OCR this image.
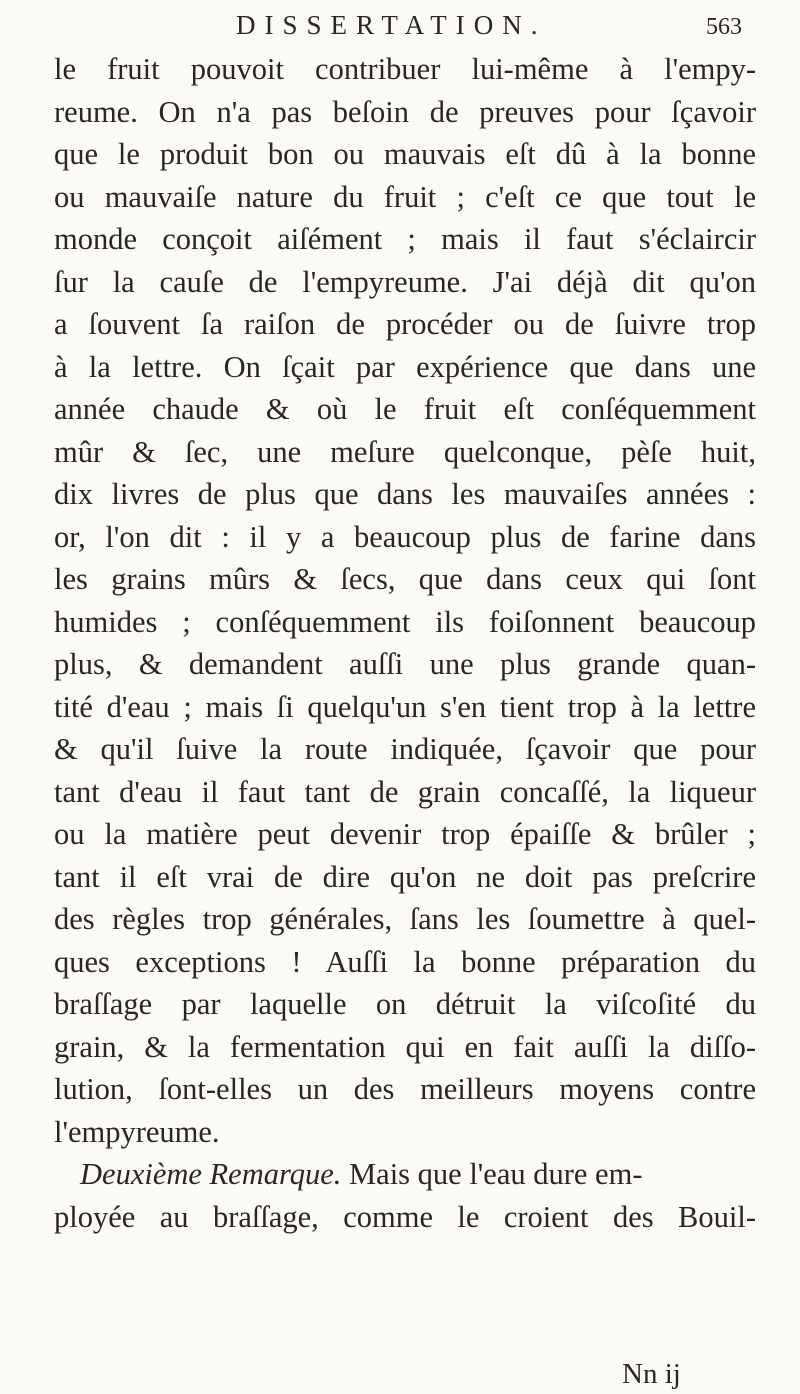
DISSERTATION.	563
le fruit pouvoit contribuer lui-même à l'empy-
reume. On n'a pas beſoin de preuves pour ſçavoir
que le produit bon ou mauvais eſt dû à la bonne
ou mauvaiſe nature du fruit ; c'eſt ce que tout le
monde conçoit aiſément ; mais il faut s'éclaircir
ſur la cauſe de l'empyreume. J'ai déjà dit qu'on
a ſouvent ſa raiſon de procéder ou de ſuivre trop
à la lettre. On ſçait par expérience que dans une
année chaude & où le fruit eſt conſéquemment
mûr & ſec, une meſure quelconque, pèſe huit,
dix livres de plus que dans les mauvaiſes années :
or, l'on dit : il y a beaucoup plus de farine dans
les grains mûrs & ſecs, que dans ceux qui ſont
humides ; conſéquemment ils foiſonnent beaucoup
plus, & demandent auſſi une plus grande quan-
tité d'eau ; mais ſi quelqu'un s'en tient trop à la lettre
& qu'il ſuive la route indiquée, ſçavoir que pour
tant d'eau il faut tant de grain concaſſé, la liqueur
ou la matière peut devenir trop épaiſſe & brûler ;
tant il eſt vrai de dire qu'on ne doit pas preſcrire
des règles trop générales, ſans les ſoumettre à quel-
ques exceptions ! Auſſi la bonne préparation du
braſſage par laquelle on détruit la viſcoſité du
grain, & la fermentation qui en fait auſſi la diſſo-
lution, ſont-elles un des meilleurs moyens contre
l'empyreume.
Deuxième Remarque. Mais que l'eau dure em-
ployée au braſſage, comme le croient des Bouil-
Nn ij
